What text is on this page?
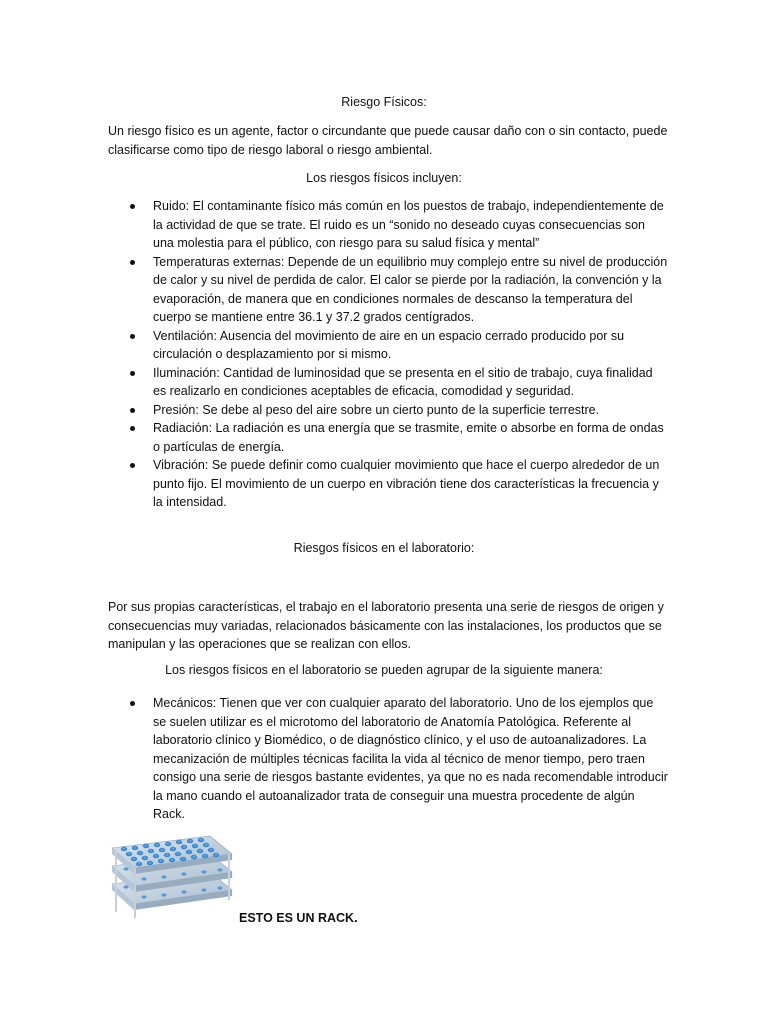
Riesgo Físicos:
Un riesgo físico es un agente, factor o circundante que puede causar daño con o sin contacto, puede clasificarse como tipo de riesgo laboral o riesgo ambiental.
Los riesgos físicos incluyen:
Ruido: El contaminante físico más común en los puestos de trabajo, independientemente de la actividad de que se trate. El ruido es un “sonido no deseado cuyas consecuencias son una molestia para el público, con riesgo para su salud física y mental”
Temperaturas externas: Depende de un equilibrio muy complejo entre su nivel de producción de calor y su nivel de perdida de calor. El calor se pierde por la radiación, la convención y la evaporación, de manera que en condiciones normales de descanso la temperatura del cuerpo se mantiene entre 36.1 y 37.2 grados centígrados.
Ventilación: Ausencia del movimiento de aire en un espacio cerrado producido por su circulación o desplazamiento por si mismo.
Iluminación: Cantidad de luminosidad que se presenta en el sitio de trabajo, cuya finalidad es realizarlo en condiciones aceptables de eficacia, comodidad y seguridad.
Presión: Se debe al peso del aire sobre un cierto punto de la superficie terrestre.
Radiación: La radiación es una energía que se trasmite, emite o absorbe en forma de ondas o partículas de energía.
Vibración: Se puede definir como cualquier movimiento que hace el cuerpo alrededor de un punto fijo. El movimiento de un cuerpo en vibración tiene dos características la frecuencia y la intensidad.
Riesgos físicos en el laboratorio:
Por sus propias características, el trabajo en el laboratorio presenta una serie de riesgos de origen y consecuencias muy variadas, relacionados básicamente con las instalaciones, los productos que se manipulan y las operaciones que se realizan con ellos.
Los riesgos físicos en el laboratorio se pueden agrupar de la siguiente manera:
Mecánicos: Tienen que ver con cualquier aparato del laboratorio. Uno de los ejemplos que se suelen utilizar es el microtomo del laboratorio de Anatomía Patológica. Referente al laboratorio clínico y Biomédico, o de diagnóstico clínico, y el uso de autoanalizadores. La mecanización de múltiples técnicas facilita la vida al técnico de menor tiempo, pero traen consigo una serie de riesgos bastante evidentes, ya que no es nada recomendable introducir la mano cuando el autoanalizador trata de conseguir una muestra procedente de algún Rack.
ESTO ES UN RACK.
